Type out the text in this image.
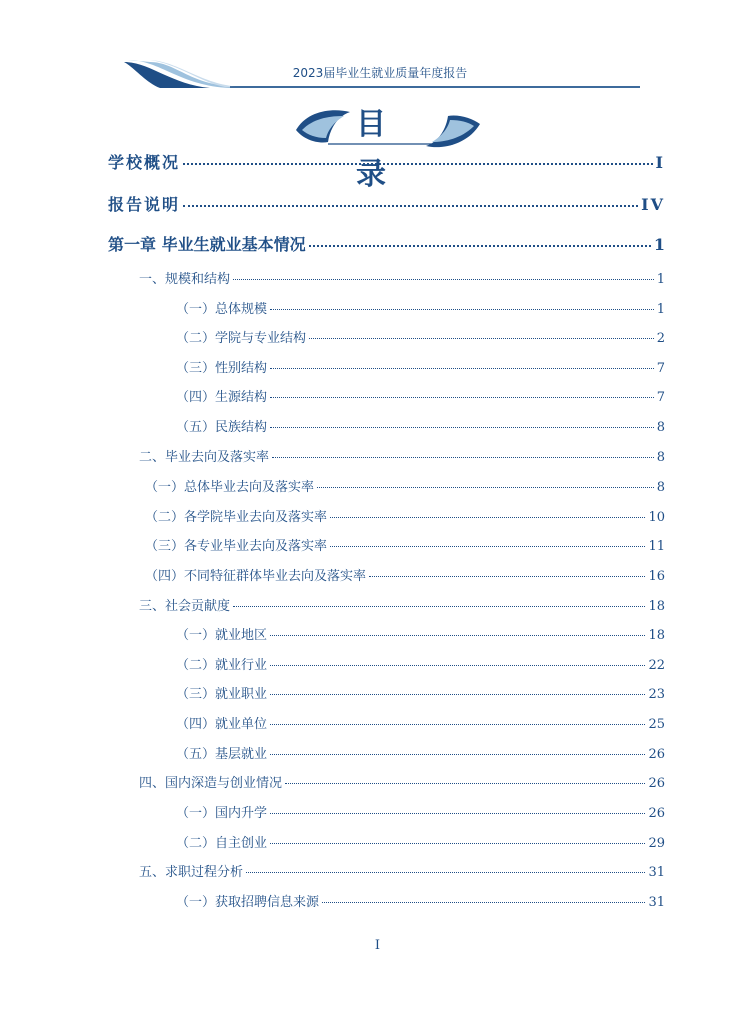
2023届毕业生就业质量年度报告
目 录
学校概况	I
报告说明	IV
第一章 毕业生就业基本情况	1
一、规模和结构	1
（一）总体规模	1
（二）学院与专业结构	2
（三）性别结构	7
（四）生源结构	7
（五）民族结构	8
二、毕业去向及落实率	8
（一）总体毕业去向及落实率	8
（二）各学院毕业去向及落实率	10
（三）各专业毕业去向及落实率	11
（四）不同特征群体毕业去向及落实率	16
三、社会贡献度	18
（一）就业地区	18
（二）就业行业	22
（三）就业职业	23
（四）就业单位	25
（五）基层就业	26
四、国内深造与创业情况	26
（一）国内升学	26
（二）自主创业	29
五、求职过程分析	31
（一）获取招聘信息来源	31
I
